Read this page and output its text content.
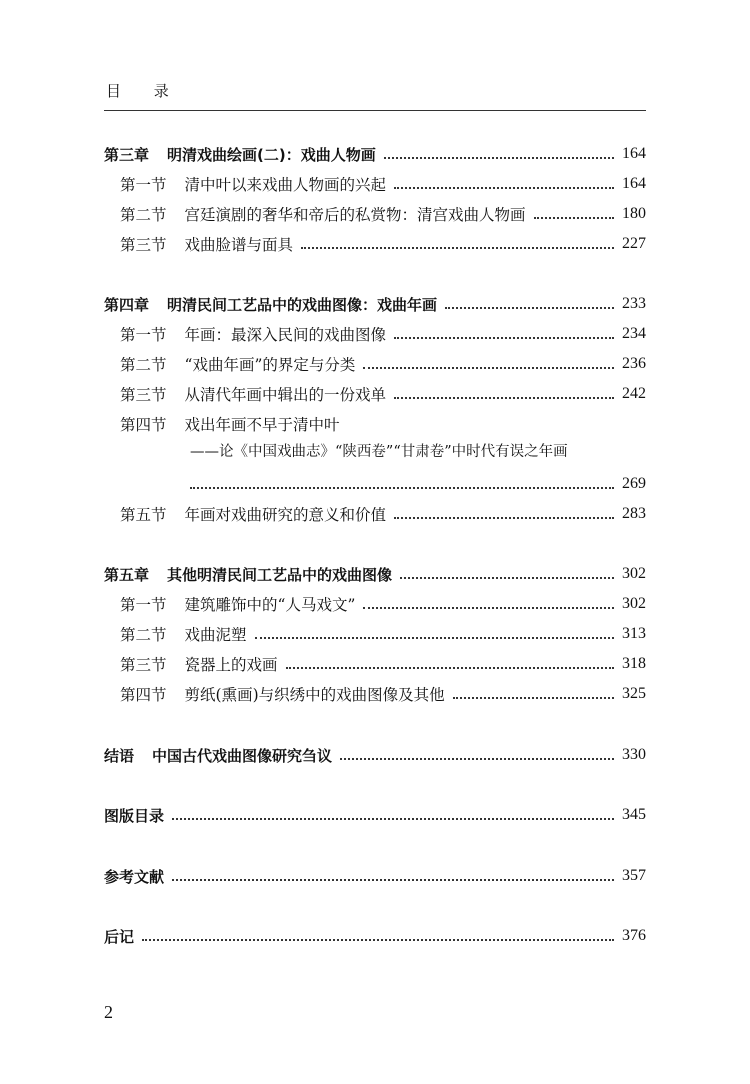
目 录
第三章 明清戏曲绘画(二)：戏曲人物画	164
第一节 清中叶以来戏曲人物画的兴起	164
第二节 宫廷演剧的奢华和帝后的私赏物：清宫戏曲人物画	180
第三节 戏曲脸谱与面具	227
第四章 明清民间工艺品中的戏曲图像：戏曲年画	233
第一节 年画：最深入民间的戏曲图像	234
第二节 “戏曲年画”的界定与分类	236
第三节 从清代年画中辑出的一份戏单	242
第四节 戏出年画不早于清中叶
——论《中国戏曲志》“陕西卷”“甘肃卷”中时代有误之年画
269
第五节 年画对戏曲研究的意义和价值	283
第五章 其他明清民间工艺品中的戏曲图像	302
第一节 建筑雕饰中的“人马戏文”	302
第二节 戏曲泥塑	313
第三节 瓷器上的戏画	318
第四节 剪纸(熏画)与织绣中的戏曲图像及其他	325
结语 中国古代戏曲图像研究刍议	330
图版目录	345
参考文献	357
后记	376
2
